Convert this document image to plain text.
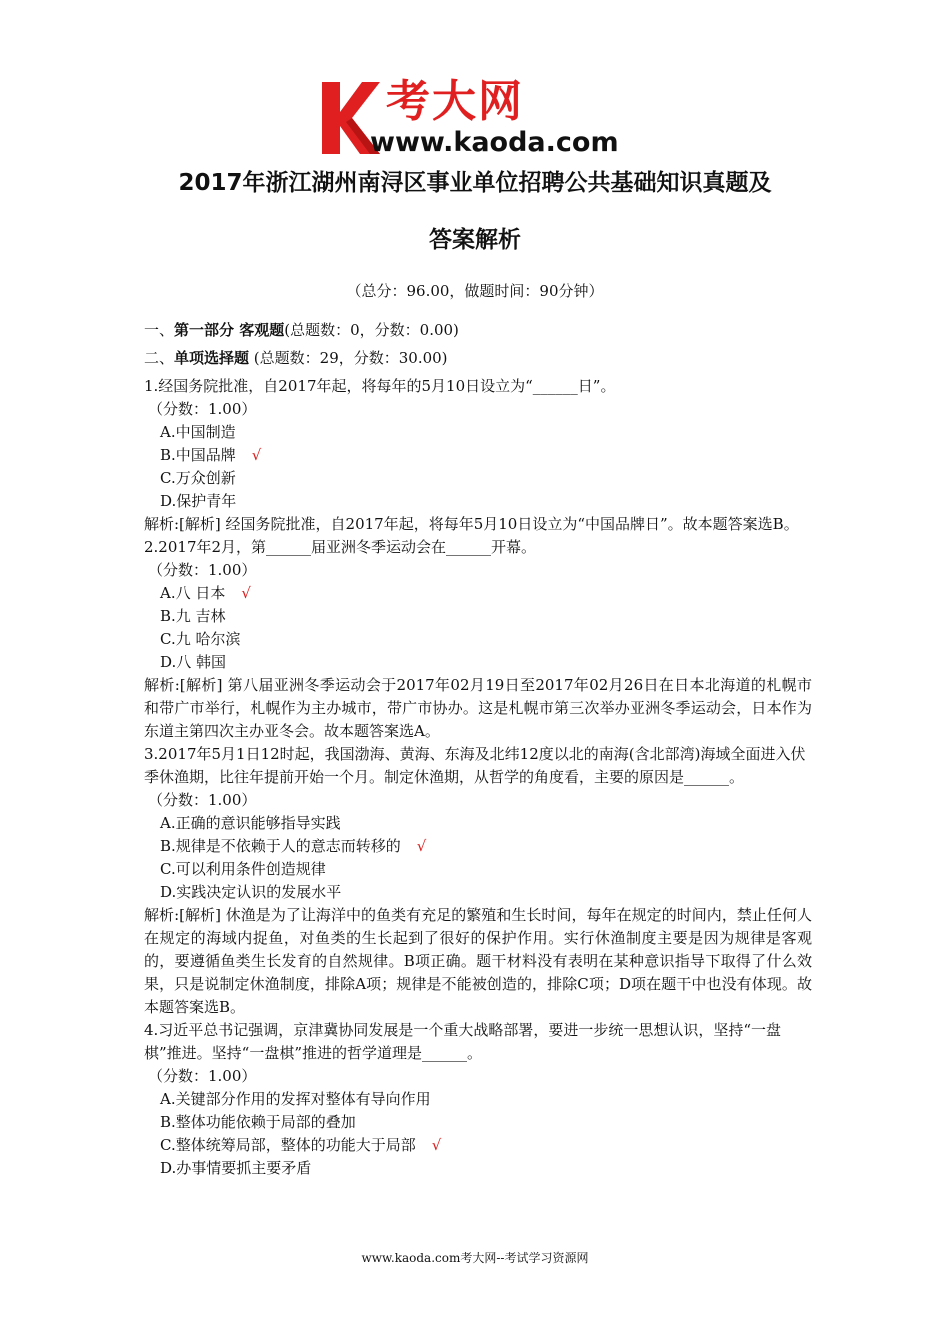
考大网
www.kaoda.com
2017年浙江湖州南浔区事业单位招聘公共基础知识真题及
答案解析
（总分：96.00，做题时间：90分钟）

一、第一部分 客观题(总题数：0，分数：0.00)

二、单项选择题 (总题数：29，分数：30.00)

1.经国务院批准，自2017年起，将每年的5月10日设立为“______日”。

（分数：1.00）

A.中国制造

B.中国品牌 √

C.万众创新

D.保护青年

解析:[解析] 经国务院批准，自2017年起，将每年5月10日设立为“中国品牌日”。故本题答案选B。

2.2017年2月，第______届亚洲冬季运动会在______开幕。

（分数：1.00）

A.八 日本 √

B.九 吉林

C.九 哈尔滨

D.八 韩国

解析:[解析] 第八届亚洲冬季运动会于2017年02月19日至2017年02月26日在日本北海道的札幌市和带广市举行，札幌作为主办城市，带广市协办。这是札幌市第三次举办亚洲冬季运动会，日本作为东道主第四次主办亚冬会。故本题答案选A。

3.2017年5月1日12时起，我国渤海、黄海、东海及北纬12度以北的南海(含北部湾)海域全面进入伏季休渔期，比往年提前开始一个月。制定休渔期，从哲学的角度看，主要的原因是______。

（分数：1.00）

A.正确的意识能够指导实践

B.规律是不依赖于人的意志而转移的 √

C.可以利用条件创造规律

D.实践决定认识的发展水平

解析:[解析] 休渔是为了让海洋中的鱼类有充足的繁殖和生长时间，每年在规定的时间内，禁止任何人在规定的海域内捉鱼，对鱼类的生长起到了很好的保护作用。实行休渔制度主要是因为规律是客观的，要遵循鱼类生长发育的自然规律。B项正确。题干材料没有表明在某种意识指导下取得了什么效果，只是说制定休渔制度，排除A项；规律是不能被创造的，排除C项；D项在题干中也没有体现。故本题答案选B。

4.习近平总书记强调，京津冀协同发展是一个重大战略部署，要进一步统一思想认识，坚持“一盘棋”推进。坚持“一盘棋”推进的哲学道理是______。

（分数：1.00）

A.关键部分作用的发挥对整体有导向作用

B.整体功能依赖于局部的叠加

C.整体统筹局部，整体的功能大于局部 √

D.办事情要抓主要矛盾

www.kaoda.com考大网--考试学习资源网
